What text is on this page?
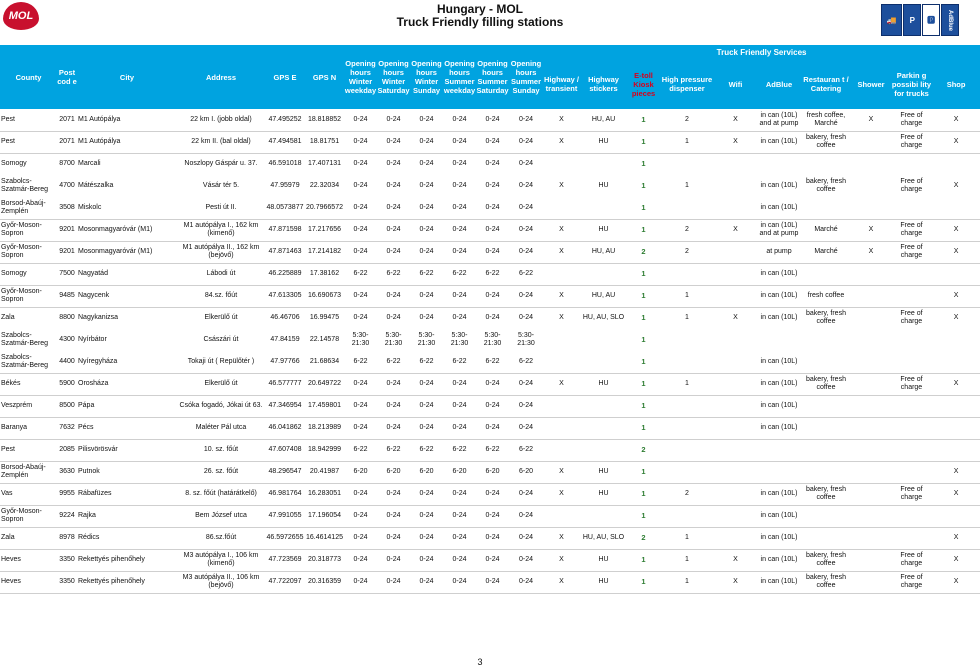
MOL	Hungary - MOL
Truck Friendly filling stations	🚚	P	🅿	AdBlue
County	Post cod e	City	Address	GPS E	GPS N	Opening hours Winter weekday	Opening hours Winter Saturday	Opening hours Winter Sunday	Opening hours Summer weekday	Opening hours Summer Saturday	Opening hours Summer Sunday	Truck Friendly Services									
												Highway / transient	Highway stickers	E-toll Kiosk pieces	High pressure dispenser	Wifi	AdBlue	Restauran t / Catering	Shower	Parkin g possibi lity for trucks	Shop
Pest	2071	M1 Autópálya	22 km I. (jobb oldal)	47.495252	18.818852	0-24	0-24	0-24	0-24	0-24	0-24	X	HU, AU	1	2	X	in can (10L) and at pump	fresh coffee, Marché	X	Free of charge	X
Pest	2071	M1 Autópálya	22 km II. (bal oldal)	47.494581	18.81751	0-24	0-24	0-24	0-24	0-24	0-24	X	HU	1	1	X	in can (10L)	bakery, fresh coffee		Free of charge	X
Somogy	8700	Marcali	Noszlopy Gáspár u. 37.	46.591018	17.407131	0-24	0-24	0-24	0-24	0-24	0-24			1							
Szabolcs-Szatmár-Bereg	4700	Mátészalka	Vásár tér 5.	47.95979	22.32034	0-24	0-24	0-24	0-24	0-24	0-24	X	HU	1	1		in can (10L)	bakery, fresh coffee		Free of charge	X
Borsod-Abaúj-Zemplén	3508	Miskolc	Pesti út II.	48.0573877	20.7966572	0-24	0-24	0-24	0-24	0-24	0-24			1			in can (10L)				
Győr-Moson-Sopron	9201	Mosonmagyaróvár (M1)	M1 autópálya I., 162 km (kimenő)	47.871598	17.217656	0-24	0-24	0-24	0-24	0-24	0-24	X	HU	1	2	X	in can (10L) and at pump	Marché	X	Free of charge	X
Győr-Moson-Sopron	9201	Mosonmagyaróvár (M1)	M1 autópálya II., 162 km (bejövő)	47.871463	17.214182	0-24	0-24	0-24	0-24	0-24	0-24	X	HU, AU	2	2		at pump	Marché	X	Free of charge	X
Somogy	7500	Nagyatád	Lábodi út	46.225889	17.38162	6-22	6-22	6-22	6-22	6-22	6-22			1			in can (10L)				
Győr-Moson-Sopron	9485	Nagycenk	84.sz. főút	47.613305	16.690673	0-24	0-24	0-24	0-24	0-24	0-24	X	HU, AU	1	1		in can (10L)	fresh coffee			X
Zala	8800	Nagykanizsa	Elkerülő út	46.46706	16.99475	0-24	0-24	0-24	0-24	0-24	0-24	X	HU, AU, SLO	1	1	X	in can (10L)	bakery, fresh coffee		Free of charge	X
Szabolcs-Szatmár-Bereg	4300	Nyírbátor	Császári út	47.84159	22.14578	5:30-21:30	5:30-21:30	5:30-21:30	5:30-21:30	5:30-21:30	5:30-21:30			1							
Szabolcs-Szatmár-Bereg	4400	Nyíregyháza	Tokaji út ( Repülőtér )	47.97766	21.68634	6-22	6-22	6-22	6-22	6-22	6-22			1			in can (10L)				
Békés	5900	Orosháza	Elkerülő út	46.577777	20.649722	0-24	0-24	0-24	0-24	0-24	0-24	X	HU	1	1		in can (10L)	bakery, fresh coffee		Free of charge	X
Veszprém	8500	Pápa	Csóka fogadó, Jókai út 63.	47.346954	17.459801	0-24	0-24	0-24	0-24	0-24	0-24			1			in can (10L)				
Baranya	7632	Pécs	Maléter Pál utca	46.041862	18.213989	0-24	0-24	0-24	0-24	0-24	0-24			1			in can (10L)				
Pest	2085	Pilisvörösvár	10. sz. főút	47.607408	18.942999	6-22	6-22	6-22	6-22	6-22	6-22			2							
Borsod-Abaúj-Zemplén	3630	Putnok	26. sz. főút	48.296547	20.41987	6-20	6-20	6-20	6-20	6-20	6-20	X	HU	1							X
Vas	9955	Rábafüzes	8. sz. főút (határátkelő)	46.981764	16.283051	0-24	0-24	0-24	0-24	0-24	0-24	X	HU	1	2		in can (10L)	bakery, fresh coffee		Free of charge	X
Győr-Moson-Sopron	9224	Rajka	Bem József utca	47.991055	17.196054	0-24	0-24	0-24	0-24	0-24	0-24			1			in can (10L)				
Zala	8978	Rédics	86.sz.főút	46.5972655	16.4614125	0-24	0-24	0-24	0-24	0-24	0-24	X	HU, AU, SLO	2	1		in can (10L)				X
Heves	3350	Rekettyés pihenőhely	M3 autópálya I., 106 km (kimenő)	47.723569	20.318773	0-24	0-24	0-24	0-24	0-24	0-24	X	HU	1	1	X	in can (10L)	bakery, fresh coffee		Free of charge	X
Heves	3350	Rekettyés pihenőhely	M3 autópálya II., 106 km (bejövő)	47.722097	20.316359	0-24	0-24	0-24	0-24	0-24	0-24	X	HU	1	1	X	in can (10L)	bakery, fresh coffee		Free of charge	X
3
